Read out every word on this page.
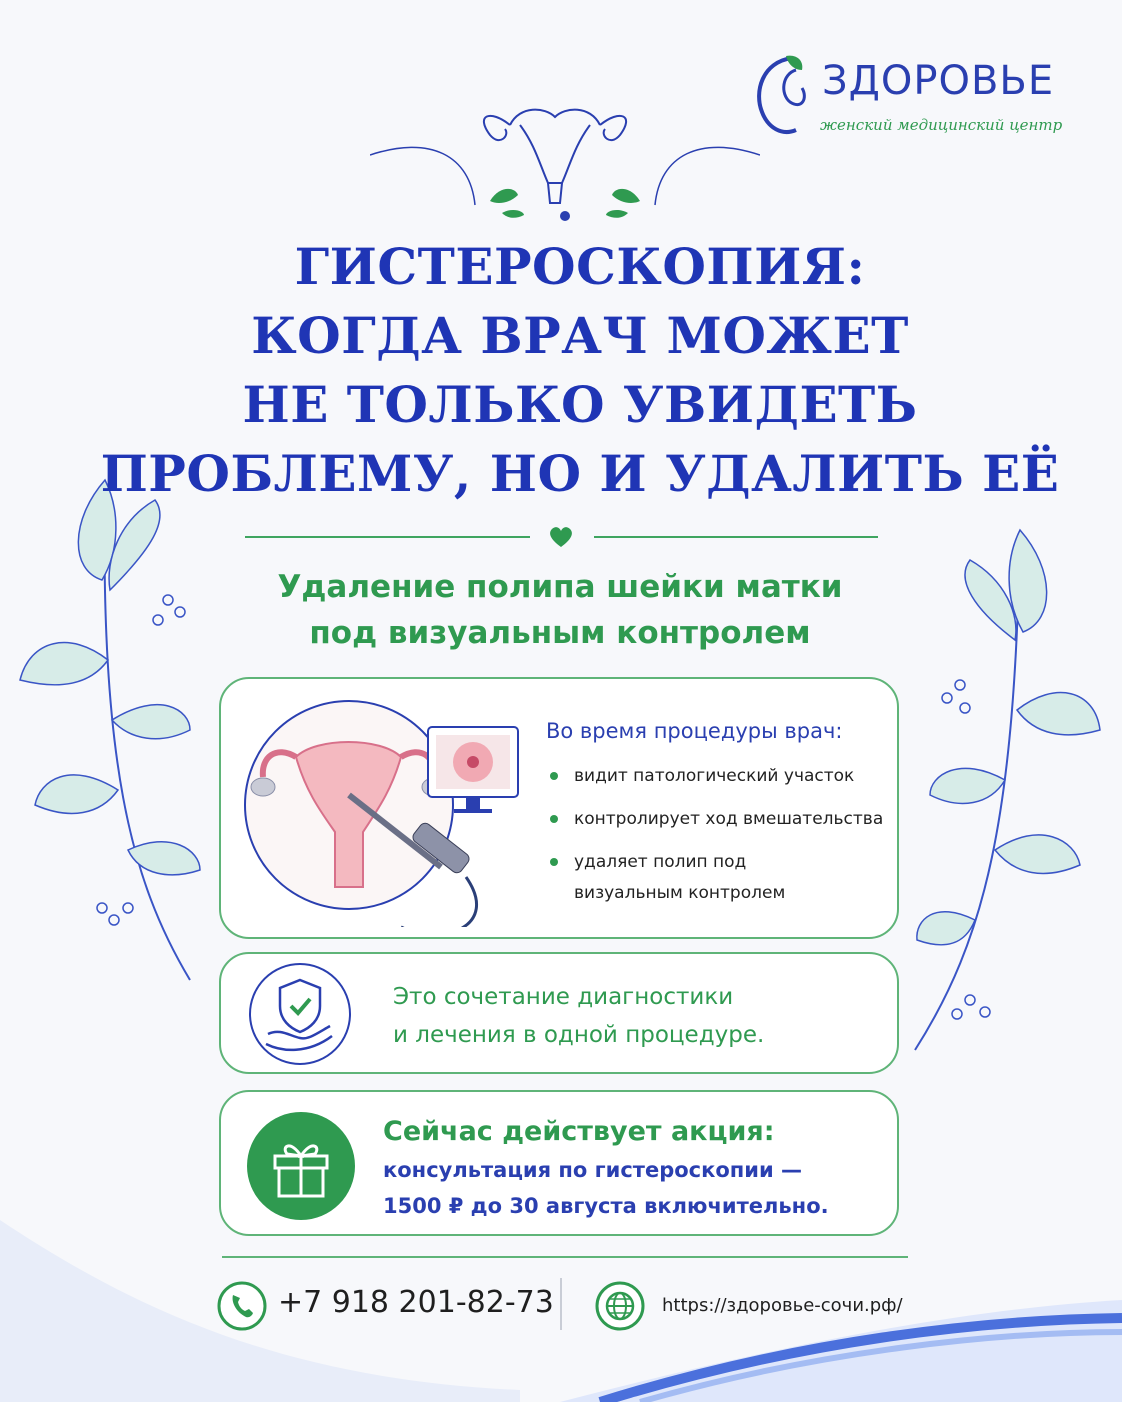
ЗДОРОВЬЕ
женский медицинский центр
ГИСТЕРОСКОПИЯ:
КОГДА ВРАЧ МОЖЕТ
НЕ ТОЛЬКО УВИДЕТЬ
ПРОБЛЕМУ, НО И УДАЛИТЬ ЕЁ
Удаление полипа шейки матки
под визуальным контролем
Во время процедуры врач:
видит патологический участок
контролирует ход вмешательства
удаляет полип под
визуальным контролем
Это сочетание диагностики
и лечения в одной процедуре.
Сейчас действует акция:
консультация по гистероскопии —
1500 ₽ до 30 августа включительно.
+7 918 201-82-73	https://здоровье-сочи.рф/
